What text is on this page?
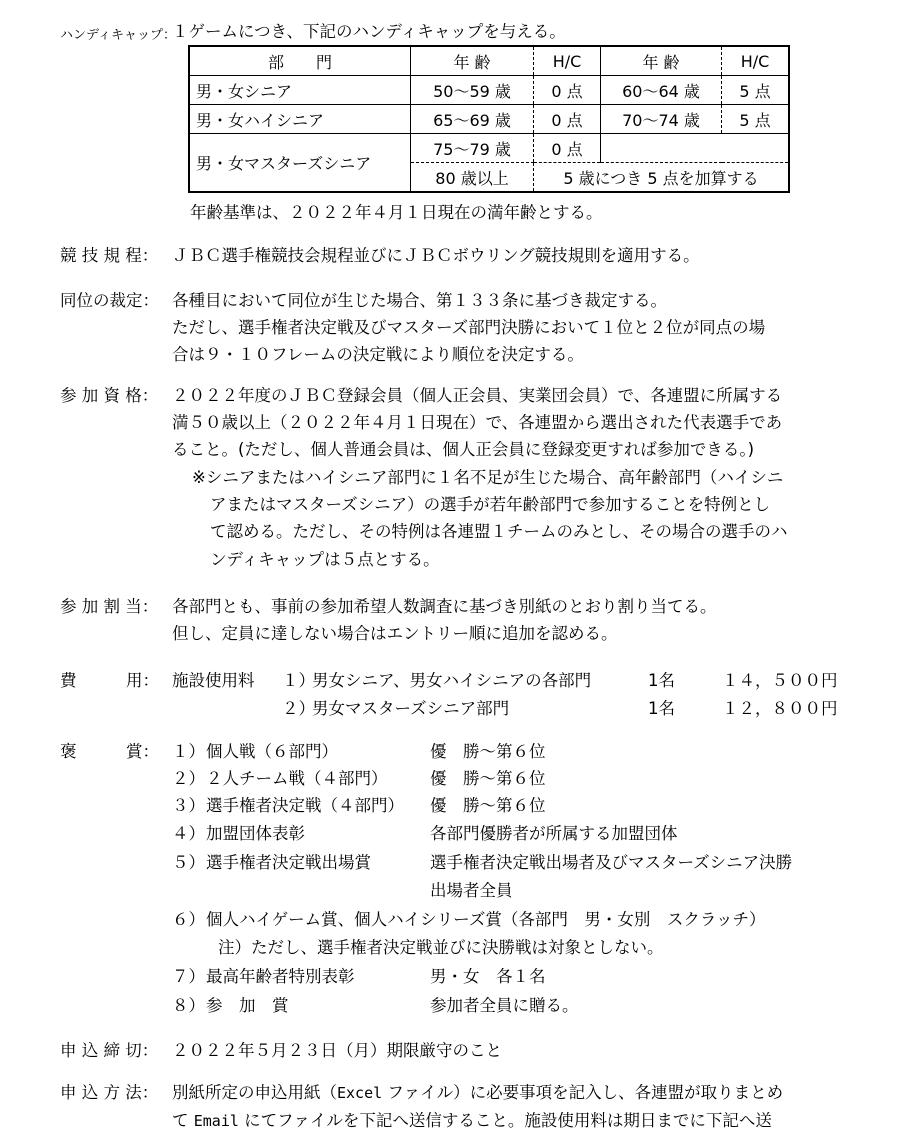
ハンディキャップ：
１ゲームにつき、下記のハンディキャップを与える。
部　　門	年 齢	H/C	年 齢	H/C
男・女シニア	50～59 歳	0 点	60～64 歳	5 点
男・女ハイシニア	65～69 歳	0 点	70～74 歳	5 点
男・女マスターズシニア	75～79 歳	0 点		
	80 歳以上	5 歳につき 5 点を加算する		
年齢基準は、２０２２年４月１日現在の満年齢とする。
競 技 規 程： ＪＢＣ選手権競技会規程並びにＪＢＣボウリング競技規則を適用する。
同位の裁定： 各種目において同位が生じた場合、第１３３条に基づき裁定する。
ただし、選手権者決定戦及びマスターズ部門決勝において１位と２位が同点の場
合は９・１０フレームの決定戦により順位を決定する。
参 加 資 格： ２０２２年度のＪＢＣ登録会員（個人正会員、実業団会員）で、各連盟に所属する
満５０歳以上（２０２２年４月１日現在）で、各連盟から選出された代表選手であ
ること。(ただし、個人普通会員は、個人正会員に登録変更すれば参加できる。)
※シニアまたはハイシニア部門に１名不足が生じた場合、高年齢部門（ハイシニ
アまたはマスターズシニア）の選手が若年齢部門で参加することを特例とし
て認める。ただし、その特例は各連盟１チームのみとし、その場合の選手のハ
ンディキャップは５点とする。
参 加 割 当： 各部門とも、事前の参加希望人数調査に基づき別紙のとおり割り当てる。
但し、定員に達しない場合はエントリー順に追加を認める。
費　　　用： 施設使用料 １）
男女シニア、男女ハイシニアの各部門	1名	１４，５００円
２）
男女マスターズシニア部門	1名	１２，８００円
褒　　　賞： １） 個人戦（６部門）	優　勝～第６位
２） ２人チーム戦（４部門）	優　勝～第６位
３） 選手権者決定戦（４部門） 優　勝～第６位
４） 加盟団体表彰	各部門優勝者が所属する加盟団体
５） 選手権者決定戦出場賞	選手権者決定戦出場者及びマスターズシニア決勝
出場者全員
６） 個人ハイゲーム賞、個人ハイシリーズ賞（各部門　男・女別　スクラッチ）
注）ただし、選手権者決定戦並びに決勝戦は対象としない。
７） 最高年齢者特別表彰	男・女　各１名
８） 参　加　賞	参加者全員に贈る。
申 込 締 切： ２０２２年５月２３日（月）期限厳守のこと
申 込 方 法： 別紙所定の申込用紙（Excel ファイル）に必要事項を記入し、各連盟が取りまとめ
て Email にてファイルを下記へ送信すること。施設使用料は期日までに下記へ送
